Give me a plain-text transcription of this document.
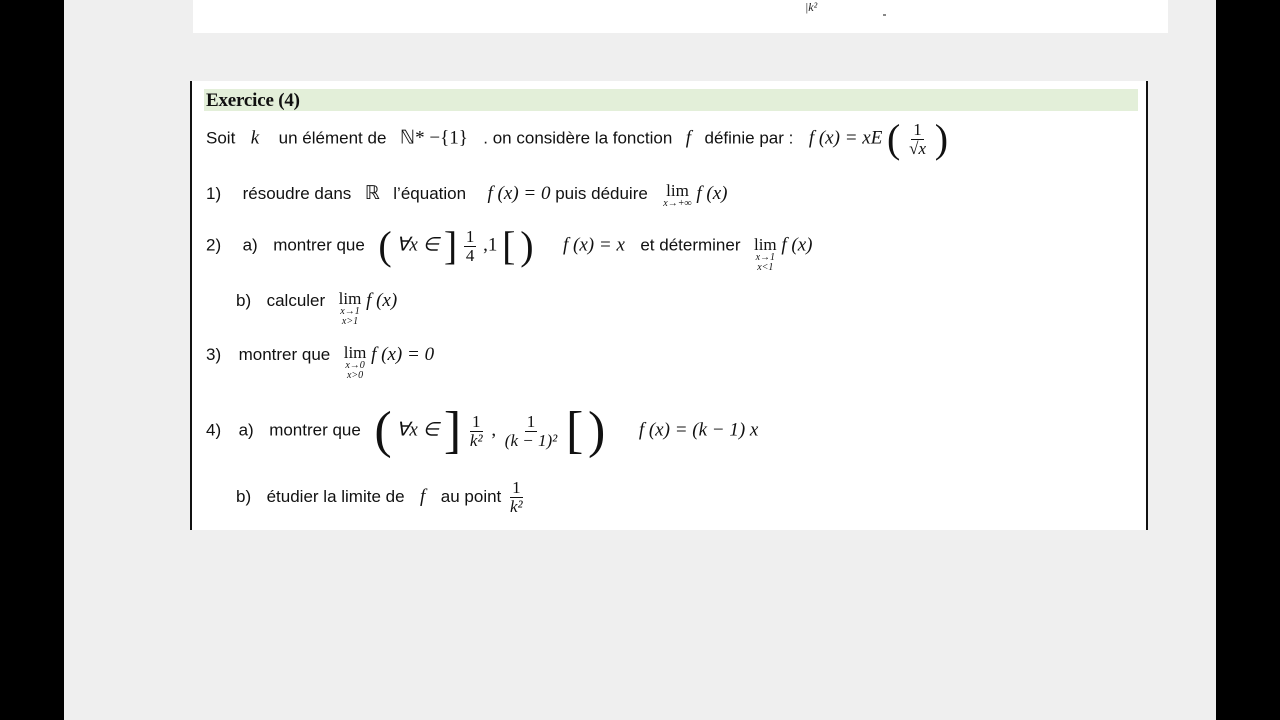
|k²
Exercice (4)
Soit k un élément de ℕ* −{1} . on considère la fonction f définie par : f (x) = xE ( $\frac{1}{√x}$ )
1) résoudre dans ℝ l’équation f (x) = 0 puis déduire lim
x→+∞ f (x)
2) a) montrer que ( ∀x ∈ ] $\frac{1}{4} ,1$ [ ) f (x) = x et déterminer lim
x→1
x<1
f (x)
b) calculer lim
x→1
x>1
f (x)
3) montrer que lim
x→0
x>0
f (x) = 0
4) a) montrer que ( ∀x ∈ ] $\frac{1}{\text{k²}}$ , $\frac{1}{\text{(k − 1)²}}$ [ ) f (x) = (k − 1) x
b) étudier la limite de f au point $\frac{1}{\text{k²}}$
